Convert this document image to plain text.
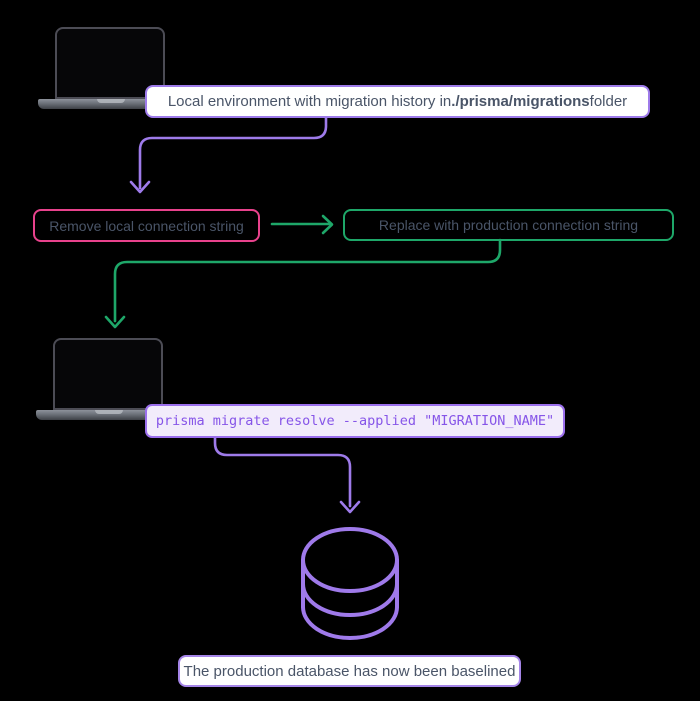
Local environment with migration history in ./prisma/migrations folder
Remove local connection string	Replace with production connection string
prisma migrate resolve --applied "MIGRATION_NAME"
The production database has now been baselined
